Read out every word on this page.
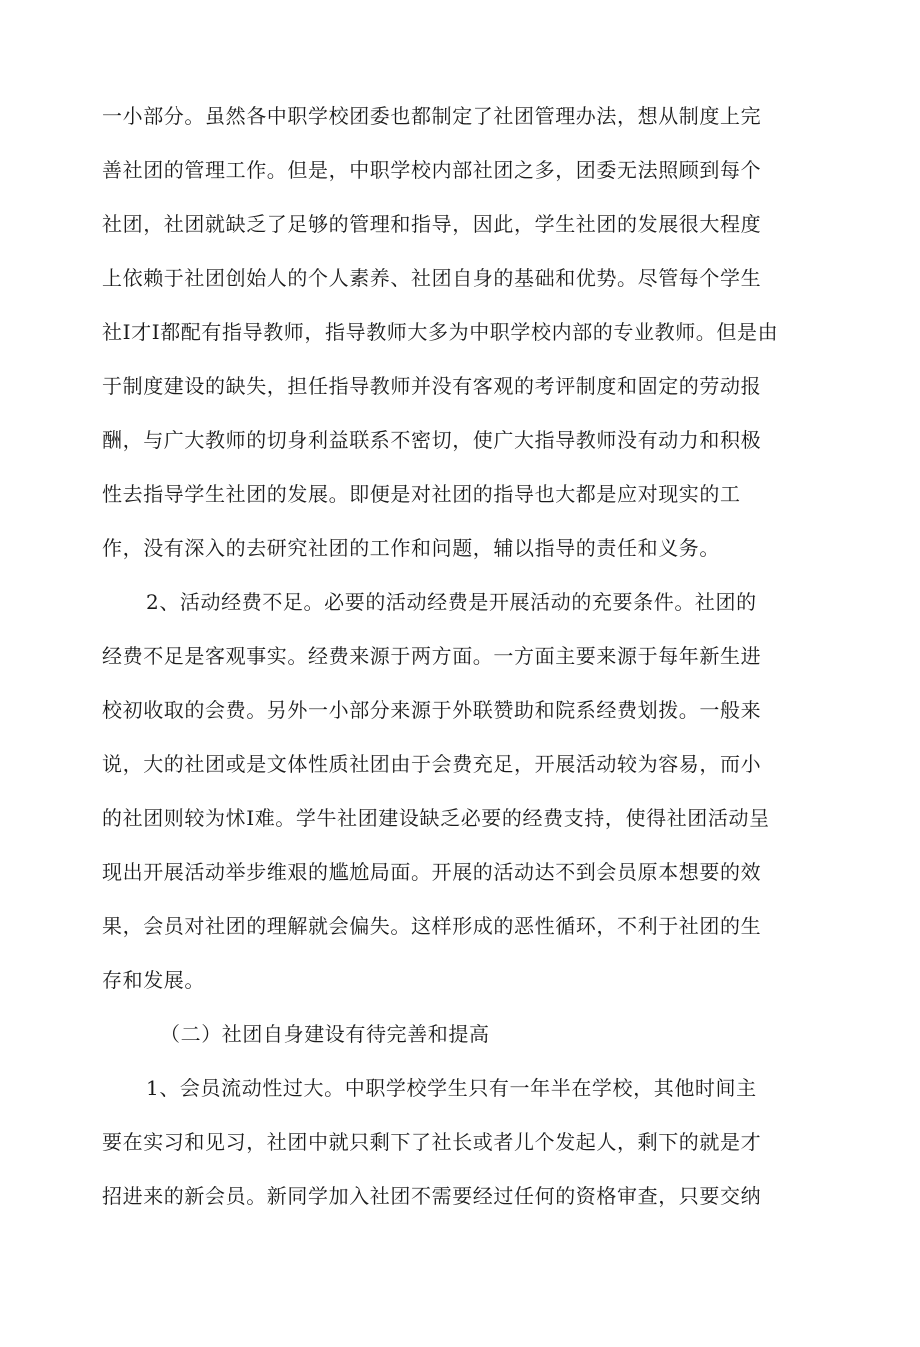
一小部分。虽然各中职学校团委也都制定了社团管理办法，想从制度上完
善社团的管理工作。但是，中职学校内部社团之多，团委无法照顾到每个
社团，社团就缺乏了足够的管理和指导，因此，学生社团的发展很大程度
上依赖于社团创始人的个人素养、社团自身的基础和优势。尽管每个学生
社I才I都配有指导教师，指导教师大多为中职学校内部的专业教师。但是由
于制度建设的缺失，担任指导教师并没有客观的考评制度和固定的劳动报
酬，与广大教师的切身利益联系不密切，使广大指导教师没有动力和积极
性去指导学生社团的发展。即便是对社团的指导也大都是应对现实的工
作，没有深入的去研究社团的工作和问题，辅以指导的责任和义务。
2、活动经费不足。必要的活动经费是开展活动的充要条件。社团的
经费不足是客观事实。经费来源于两方面。一方面主要来源于每年新生进
校初收取的会费。另外一小部分来源于外联赞助和院系经费划拨。一般来
说，大的社团或是文体性质社团由于会费充足，开展活动较为容易，而小
的社团则较为怵I难。学牛社团建设缺乏必要的经费支持，使得社团活动呈
现出开展活动举步维艰的尴尬局面。开展的活动达不到会员原本想要的效
果，会员对社团的理解就会偏失。这样形成的恶性循环，不利于社团的生
存和发展。
（二）社团自身建设有待完善和提高
1、会员流动性过大。中职学校学生只有一年半在学校，其他时间主
要在实习和见习，社团中就只剩下了社长或者儿个发起人，剩下的就是才
招进来的新会员。新同学加入社团不需要经过任何的资格审查，只要交纳
